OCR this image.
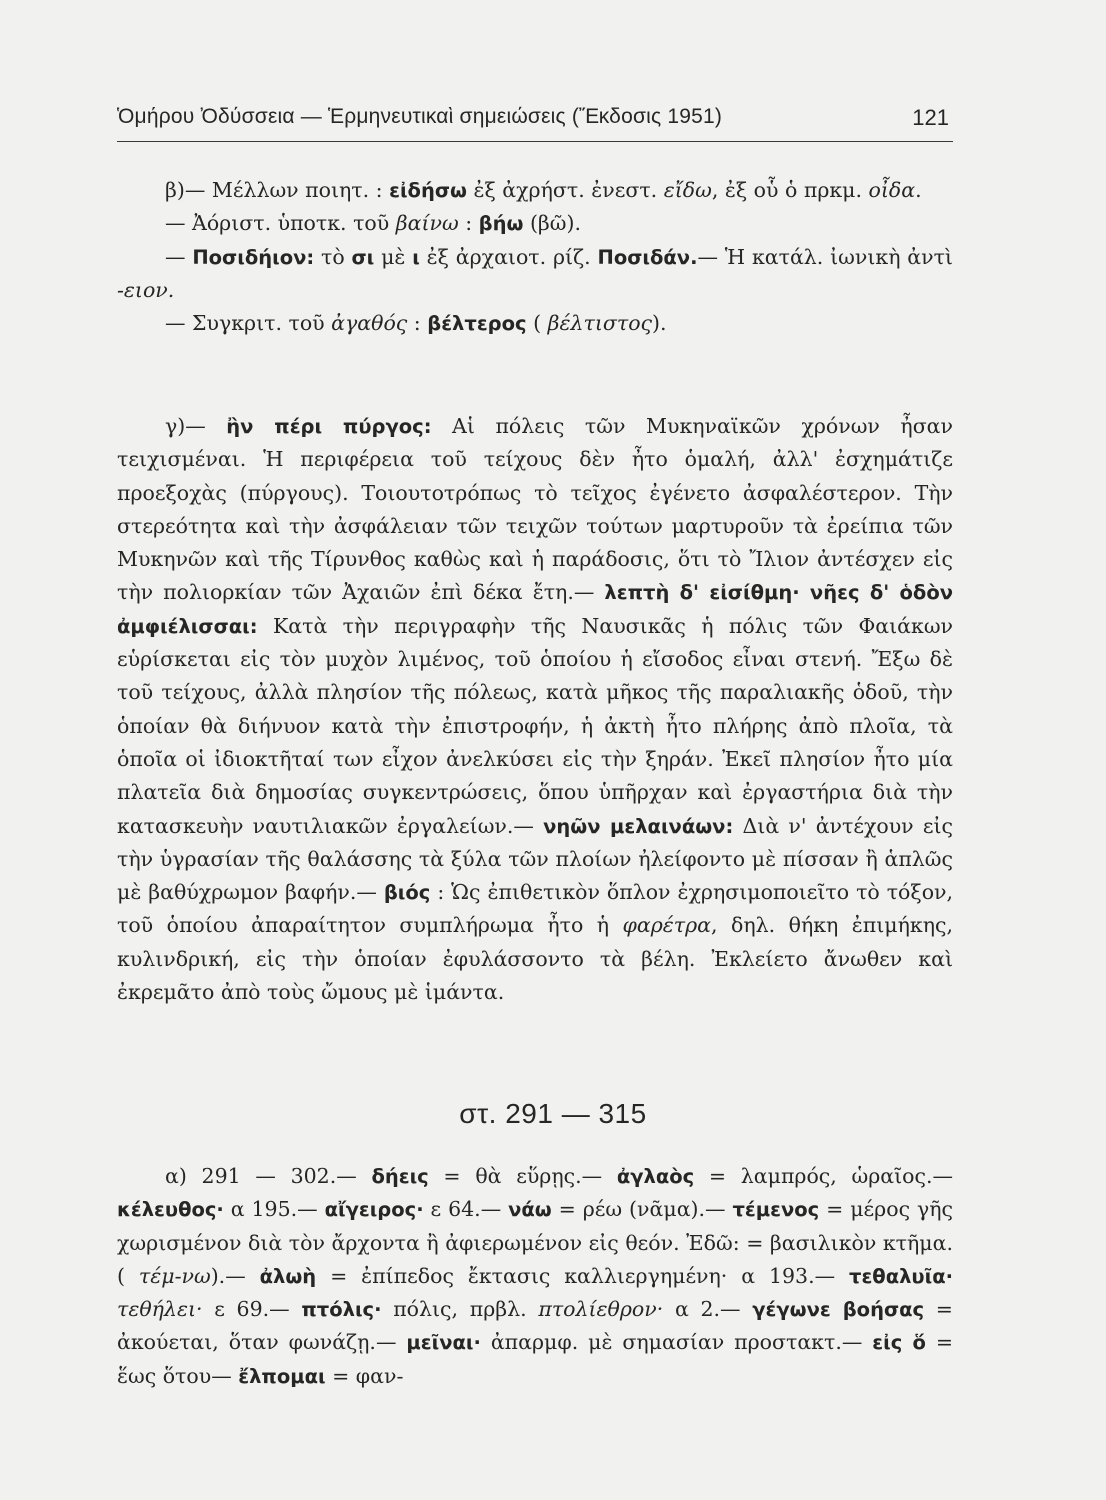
Ὁμήρου Ὀδύσσεια — Ἑρμηνευτικαὶ σημειώσεις (Ἔκδοσις 1951)	121

β)— Μέλλων ποιητ. : εἰδήσω ἐξ ἀχρήστ. ἐνεστ. εἴδω, ἐξ οὗ ὁ πρκμ. οἶδα.

— Ἀόριστ. ὑποτκ. τοῦ βαίνω : βήω (βῶ).

— Ποσιδήιον: τὸ σι μὲ ι ἐξ ἀρχαιοτ. ρίζ. Ποσιδάν.— Ἡ κατάλ. ἰωνικὴ ἀντὶ -ειον.

— Συγκριτ. τοῦ ἀγαθός : βέλτερος ( βέλτιστος).

γ)— ἢν πέρι πύργος: Αἱ πόλεις τῶν Μυκηναϊκῶν χρόνων ἦσαν τειχισμέναι. Ἡ περιφέρεια τοῦ τείχους δὲν ἦτο ὁμαλή, ἀλλ' ἐσχημάτιζε προεξοχὰς (πύργους). Τοιουτοτρόπως τὸ τεῖχος ἐγένετο ἀσφαλέστερον. Τὴν στερεότητα καὶ τὴν ἀσφάλειαν τῶν τειχῶν τούτων μαρτυροῦν τὰ ἐρείπια τῶν Μυκηνῶν καὶ τῆς Τίρυνθος καθὼς καὶ ἡ παράδοσις, ὅτι τὸ Ἴλιον ἀντέσχεν εἰς τὴν πολιορκίαν τῶν Ἀχαιῶν ἐπὶ δέκα ἔτη.— λεπτὴ δ' εἰσίθμη· νῆες δ' ὁδὸν ἀμφιέλισσαι: Κατὰ τὴν περιγραφὴν τῆς Ναυσικᾶς ἡ πόλις τῶν Φαιάκων εὑρίσκεται εἰς τὸν μυχὸν λιμένος, τοῦ ὁποίου ἡ εἴσοδος εἶναι στενή. Ἔξω δὲ τοῦ τείχους, ἀλλὰ πλησίον τῆς πόλεως, κατὰ μῆκος τῆς παραλιακῆς ὁδοῦ, τὴν ὁποίαν θὰ διήνυον κατὰ τὴν ἐπιστροφήν, ἡ ἀκτὴ ἦτο πλήρης ἀπὸ πλοῖα, τὰ ὁποῖα οἱ ἰδιοκτῆταί των εἶχον ἀνελκύσει εἰς τὴν ξηράν. Ἐκεῖ πλησίον ἦτο μία πλατεῖα διὰ δημοσίας συγκεντρώσεις, ὅπου ὑπῆρχαν καὶ ἐργαστήρια διὰ τὴν κατασκευὴν ναυτιλιακῶν ἐργαλείων.— νηῶν μελαινάων: Διὰ ν' ἀντέχουν εἰς τὴν ὑγρασίαν τῆς θαλάσσης τὰ ξύλα τῶν πλοίων ἠλείφοντο μὲ πίσσαν ἢ ἁπλῶς μὲ βαθύχρωμον βαφήν.— βιός : Ὡς ἐπιθετικὸν ὅπλον ἐχρησιμοποιεῖτο τὸ τόξον, τοῦ ὁποίου ἀπαραίτητον συμπλήρωμα ἦτο ἡ φαρέτρα, δηλ. θήκη ἐπιμήκης, κυλινδρική, εἰς τὴν ὁποίαν ἐφυλάσσοντο τὰ βέλη. Ἐκλείετο ἄνωθεν καὶ ἐκρεμᾶτο ἀπὸ τοὺς ὤμους μὲ ἱμάντα.

στ. 291 — 315

α) 291 — 302.— δήεις = θὰ εὕρῃς.— ἀγλαὸς = λαμπρός, ὡραῖος.— κέλευθος· α 195.— αἴγειρος· ε 64.— νάω = ρέω (νᾶμα).— τέμενος = μέρος γῆς χωρισμένον διὰ τὸν ἄρχοντα ἢ ἀφιερωμένον εἰς θεόν. Ἐδῶ: = βασιλικὸν κτῆμα. ( τέμ-νω).— ἀλωὴ = ἐπίπεδος ἔκτασις καλλιεργημένη· α 193.— τεθαλυῖα· τεθήλει· ε 69.— πτόλις· πόλις, πρβλ. πτολίεθρον· α 2.— γέγωνε βοήσας = ἀκούεται, ὅταν φωνάζῃ.— μεῖναι· ἀπαρμφ. μὲ σημασίαν προστακτ.— εἰς ὅ = ἕως ὅτου— ἔλπομαι = φαν-
